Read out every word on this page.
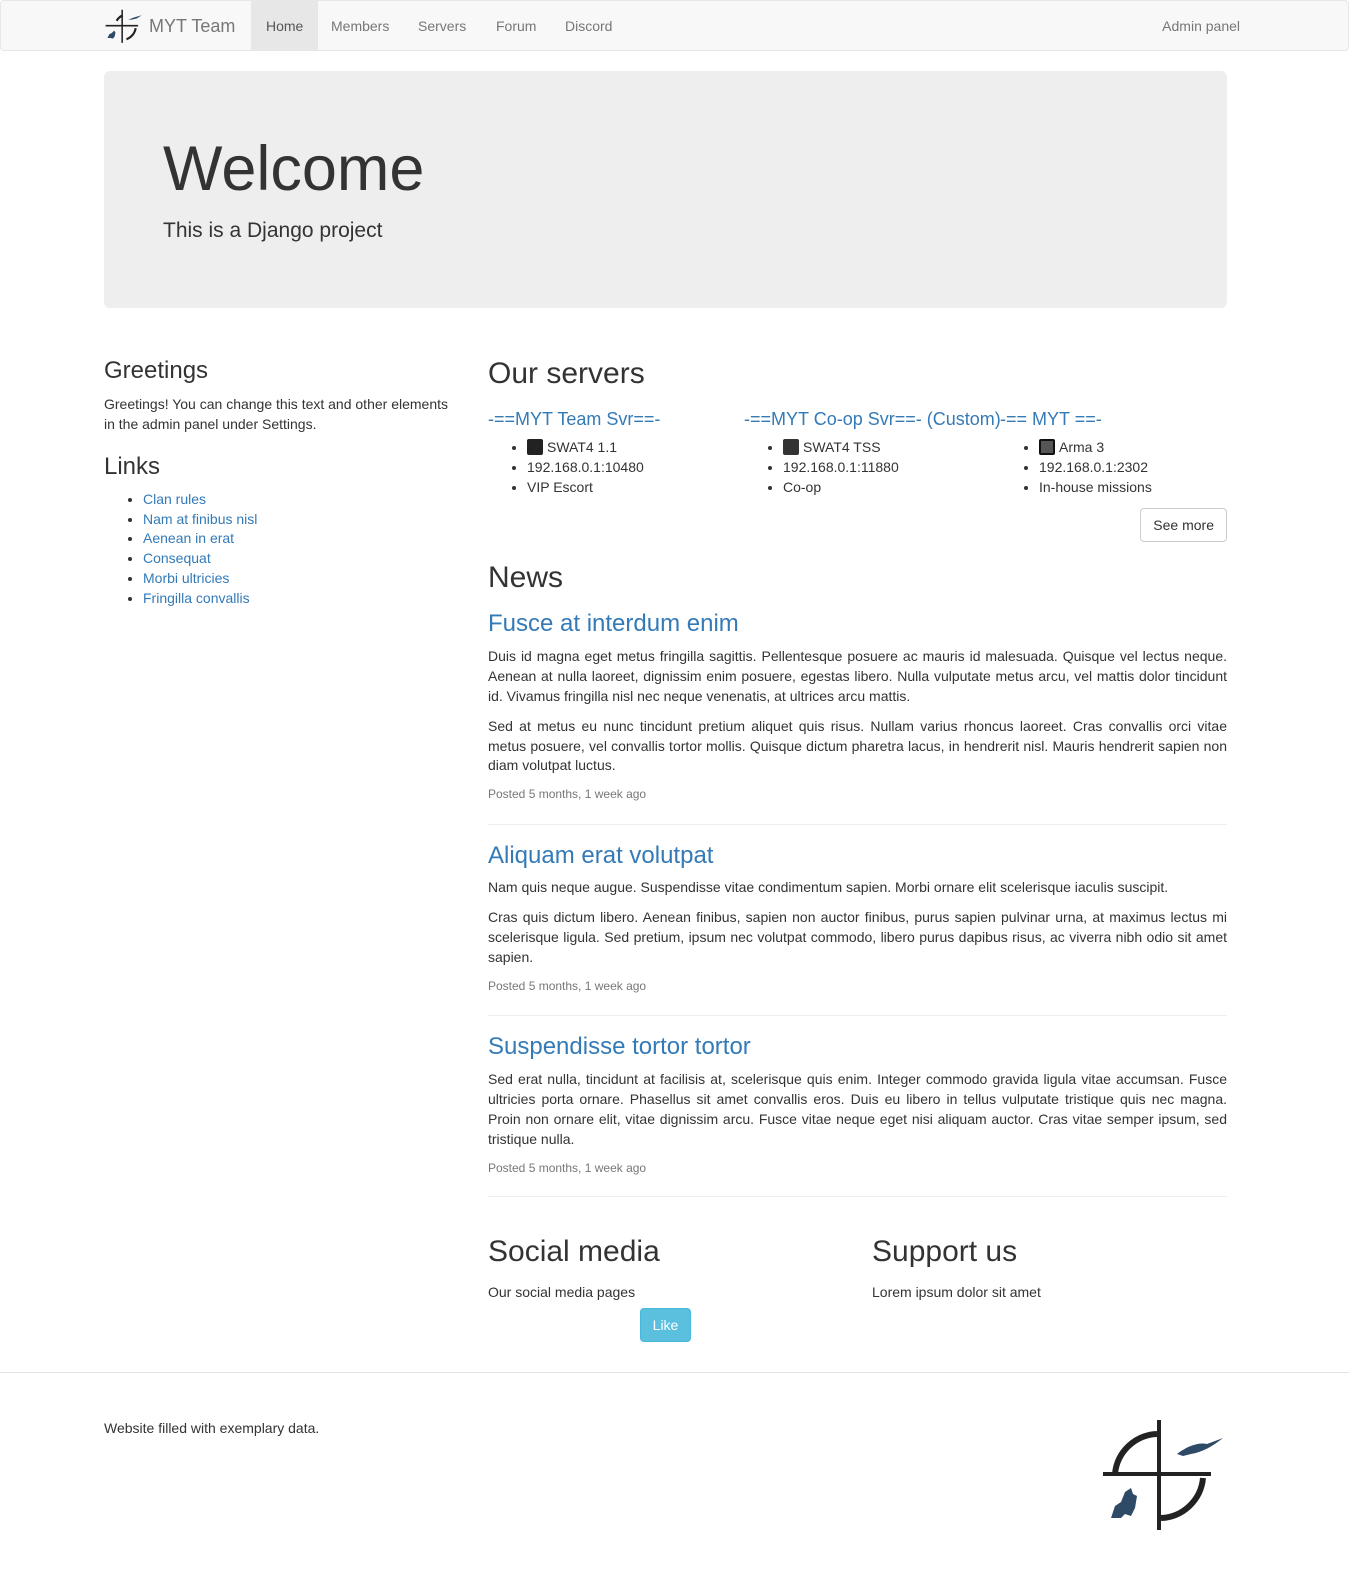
MYT Team	Home	Members	Servers	Forum	Discord	Admin panel
Welcome

This is a Django project

Greetings

Greetings! You can change this text and other elements in the admin panel under Settings.

Links
• Clan rules
• Nam at finibus nisl
• Aenean in erat
• Consequat
• Morbi ultricies
• Fringilla convallis
Our servers
-==MYT Team Svr==-
• SWAT4 1.1
• 192.168.0.1:10480
• VIP Escort
-==MYT Co-op Svr==- (Custom)
• SWAT4 TSS
• 192.168.0.1:11880
• Co-op
-== MYT ==-
• Arma 3
• 192.168.0.1:2302
• In-house missions
See more
News
Fusce at interdum enim

Duis id magna eget metus fringilla sagittis. Pellentesque posuere ac mauris id malesuada. Quisque vel lectus neque. Aenean at nulla laoreet, dignissim enim posuere, egestas libero. Nulla vulputate metus arcu, vel mattis dolor tincidunt id. Vivamus fringilla nisl nec neque venenatis, at ultrices arcu mattis.

Sed at metus eu nunc tincidunt pretium aliquet quis risus. Nullam varius rhoncus laoreet. Cras convallis orci vitae metus posuere, vel convallis tortor mollis. Quisque dictum pharetra lacus, in hendrerit nisl. Mauris hendrerit sapien non diam volutpat luctus.

Posted 5 months, 1 week ago
Aliquam erat volutpat

Nam quis neque augue. Suspendisse vitae condimentum sapien. Morbi ornare elit scelerisque iaculis suscipit.

Cras quis dictum libero. Aenean finibus, sapien non auctor finibus, purus sapien pulvinar urna, at maximus lectus mi scelerisque ligula. Sed pretium, ipsum nec volutpat commodo, libero purus dapibus risus, ac viverra nibh odio sit amet sapien.

Posted 5 months, 1 week ago
Suspendisse tortor tortor

Sed erat nulla, tincidunt at facilisis at, scelerisque quis enim. Integer commodo gravida ligula vitae accumsan. Fusce ultricies porta ornare. Phasellus sit amet convallis eros. Duis eu libero in tellus vulputate tristique quis nec magna. Proin non ornare elit, vitae dignissim arcu. Fusce vitae neque eget nisi aliquam auctor. Cras vitae semper ipsum, sed tristique nulla.

Posted 5 months, 1 week ago
Social media

Our social media pages

Like
Support us

Lorem ipsum dolor sit amet

Website filled with exemplary data.
